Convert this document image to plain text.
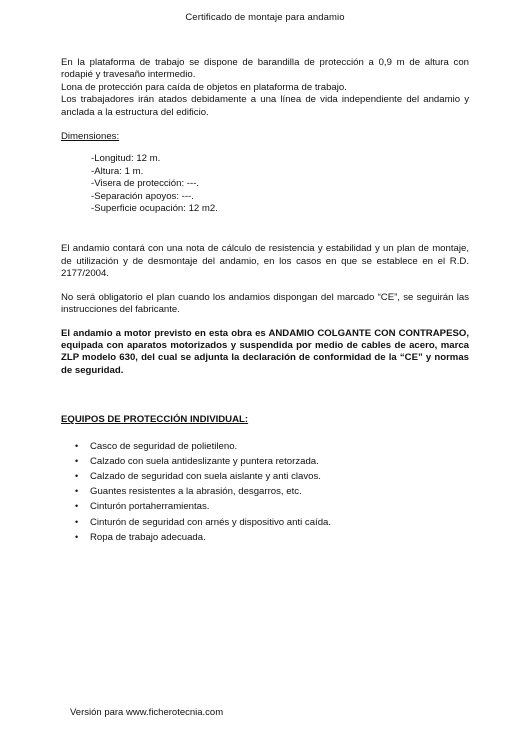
Certificado de montaje para andamio

En la plataforma de trabajo se dispone de barandilla de protección a 0,9 m de altura con rodapié y travesaño intermedio.

Lona de protección para caída de objetos en plataforma de trabajo.

Los trabajadores irán atados debidamente a una línea de vida independiente del andamio y anclada a la estructura del edificio.

Dimensiones:
-Longitud: 12 m.
-Altura: 1 m.
-Visera de protección: ---.
-Separación apoyos: ---.
-Superficie ocupación: 12 m2.

El andamio contará con una nota de cálculo de resistencia y estabilidad y un plan de montaje, de utilización y de desmontaje del andamio, en los casos en que se establece en el R.D. 2177/2004.

No será obligatorio el plan cuando los andamios dispongan del marcado “CE”, se seguirán las instrucciones del fabricante.

El andamio a motor previsto en esta obra es ANDAMIO COLGANTE CON CONTRAPESO, equipada con aparatos motorizados y suspendida por medio de cables de acero, marca ZLP modelo 630, del cual se adjunta la declaración de conformidad de la “CE” y normas de seguridad.

EQUIPOS DE PROTECCIÓN INDIVIDUAL:
• Casco de seguridad de polietileno.
• Calzado con suela antideslizante y puntera retorzada.
• Calzado de seguridad con suela aislante y anti clavos.
• Guantes resistentes a la abrasión, desgarros, etc.
• Cinturón portaherramientas.
• Cinturón de seguridad con arnés y dispositivo anti caída.
• Ropa de trabajo adecuada.
Versión para www.ficherotecnia.com
